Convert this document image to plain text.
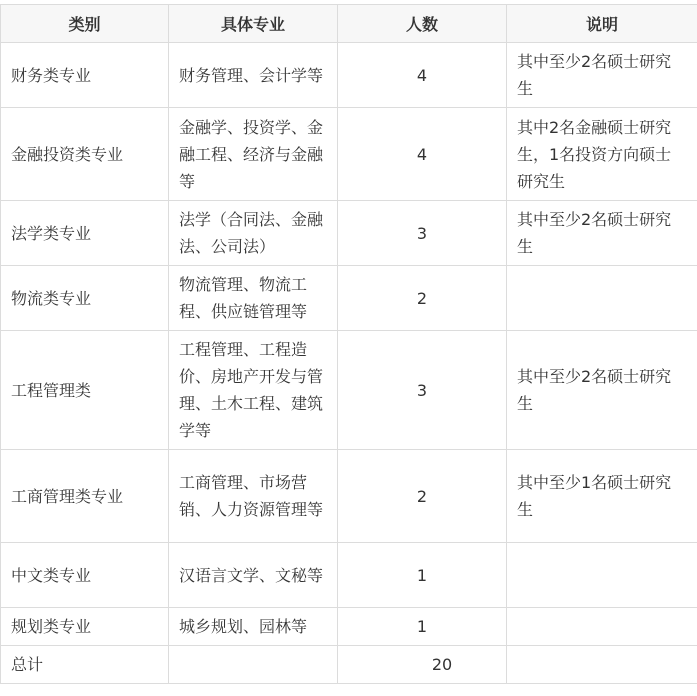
类别	具体专业	人数	说明
财务类专业	财务管理、会计学等	4	其中至少2名硕士研究生
金融投资类专业	金融学、投资学、金融工程、经济与金融等	4	其中2名金融硕士研究生，1名投资方向硕士研究生
法学类专业	法学（合同法、金融法、公司法）	3	其中至少2名硕士研究生
物流类专业	物流管理、物流工程、供应链管理等	2	
工程管理类	工程管理、工程造价、房地产开发与管理、土木工程、建筑学等	3	其中至少2名硕士研究生
工商管理类专业	工商管理、市场营销、人力资源管理等	2	其中至少1名硕士研究生
中文类专业	汉语言文学、文秘等	1	
规划类专业	城乡规划、园林等	1	
总计		20	
